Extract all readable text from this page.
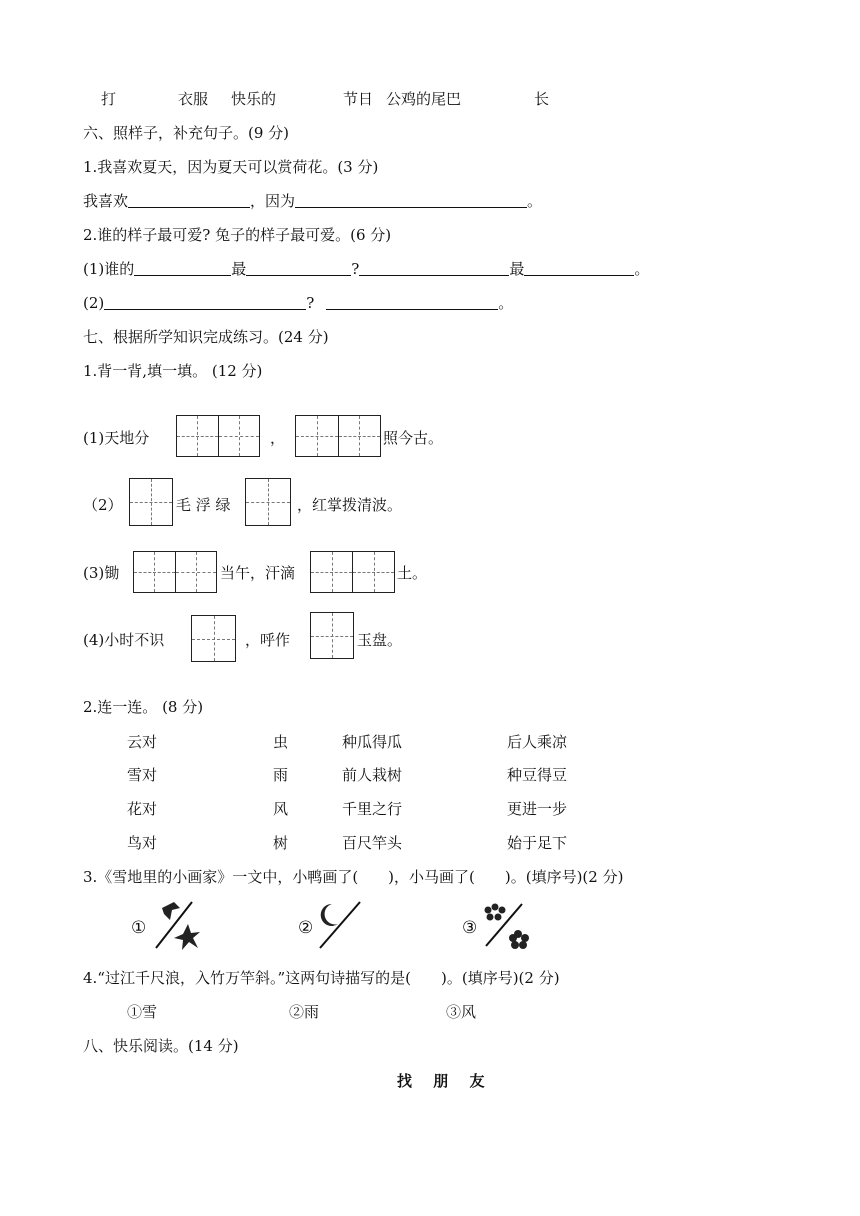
打	衣服 快乐的	节日 公鸡的尾巴	长
六、照样子，补充句子。(9 分)
1.我喜欢夏天，因为夏天可以赏荷花。(3 分)
我喜欢	，因为	。
2.谁的样子最可爱? 兔子的样子最可爱。(6 分)
(1)谁的	最	?	最	。
(2)	?	。
七、根据所学知识完成练习。(24 分)
1.背一背,填一填。 (12 分)
(1)天地分	，	照今古。
（2）	毛 浮 绿	，红掌拨清波。
(3)锄	当午，汗滴	土。
(4)小时不识	，呼作	玉盘。
2.连一连。 (8 分)
云对	虫	种瓜得瓜	后人乘凉
雪对	雨	前人栽树	种豆得豆
花对	风	千里之行	更进一步
鸟对	树	百尺竿头	始于足下
3.《雪地里的小画家》一文中，小鸭画了(　　)，小马画了(　　)。(填序号)(2 分)
①	②	③
4.“过江千尺浪，入竹万竿斜。”这两句诗描写的是(　　)。(填序号)(2 分)
①雪	②雨	③风
八、快乐阅读。(14 分)
找 朋 友
